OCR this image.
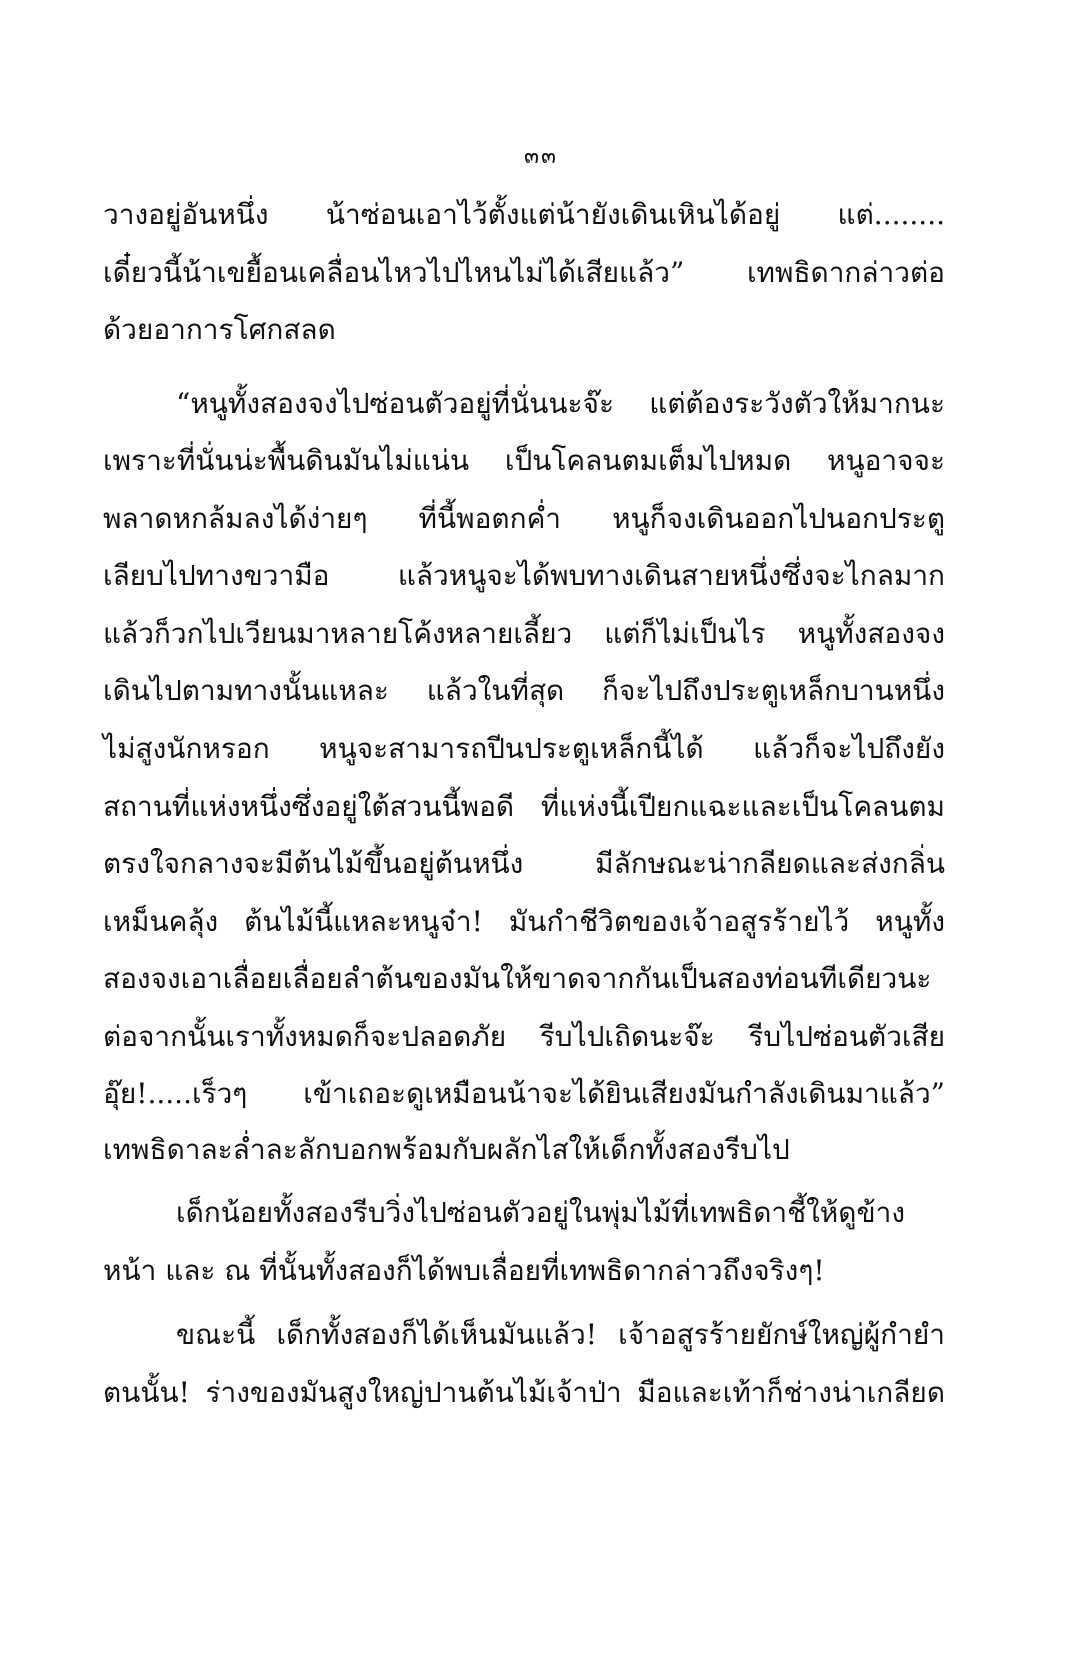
๓๓
วางอยู่อันหนึ่ง น้าซ่อนเอาไว้ตั้งแต่น้ายังเดินเหินได้อยู่ แต่........
เดี๋ยวนี้น้าเขยื้อนเคลื่อนไหวไปไหนไม่ได้เสียแล้ว” เทพธิดากล่าวต่อ
ด้วยอาการโศกสลด
“หนูทั้งสองจงไปซ่อนตัวอยู่ที่นั่นนะจ๊ะ แต่ต้องระวังตัวให้มากนะ
เพราะที่นั่นน่ะพื้นดินมันไม่แน่น เป็นโคลนตมเต็มไปหมด หนูอาจจะ
พลาดหกล้มลงได้ง่ายๆ ที่นี้พอตกค่ำ หนูก็จงเดินออกไปนอกประตู
เลียบไปทางขวามือ แล้วหนูจะได้พบทางเดินสายหนึ่งซึ่งจะไกลมาก
แล้วก็วกไปเวียนมาหลายโค้งหลายเลี้ยว แต่ก็ไม่เป็นไร หนูทั้งสองจง
เดินไปตามทางนั้นแหละ แล้วในที่สุด ก็จะไปถึงประตูเหล็กบานหนึ่ง
ไม่สูงนักหรอก หนูจะสามารถปีนประตูเหล็กนี้ได้ แล้วก็จะไปถึงยัง
สถานที่แห่งหนึ่งซึ่งอยู่ใต้สวนนี้พอดี ที่แห่งนี้เปียกแฉะและเป็นโคลนตม
ตรงใจกลางจะมีต้นไม้ขึ้นอยู่ต้นหนึ่ง มีลักษณะน่ากลียดและส่งกลิ่น
เหม็นคลุ้ง ต้นไม้นี้แหละหนูจ๋า! มันกำชีวิตของเจ้าอสูรร้ายไว้ หนูทั้ง
สองจงเอาเลื่อยเลื่อยลำต้นของมันให้ขาดจากกันเป็นสองท่อนทีเดียวนะ
ต่อจากนั้นเราทั้งหมดก็จะปลอดภัย รีบไปเถิดนะจ๊ะ รีบไปซ่อนตัวเสีย
อุ๊ย!.....เร็วๆ เข้าเถอะดูเหมือนน้าจะได้ยินเสียงมันกำลังเดินมาแล้ว”
เทพธิดาละล่ำละลักบอกพร้อมกับผลักไสให้เด็กทั้งสองรีบไป
เด็กน้อยทั้งสองรีบวิ่งไปซ่อนตัวอยู่ในพุ่มไม้ที่เทพธิดาชี้ให้ดูข้าง
หน้า และ ณ ที่นั้นทั้งสองก็ได้พบเลื่อยที่เทพธิดากล่าวถึงจริงๆ!
ขณะนี้ เด็กทั้งสองก็ได้เห็นมันแล้ว! เจ้าอสูรร้ายยักษ์ใหญ่ผู้กำยำ
ตนนั้น! ร่างของมันสูงใหญ่ปานต้นไม้เจ้าป่า มือและเท้าก็ช่างน่าเกลียด
